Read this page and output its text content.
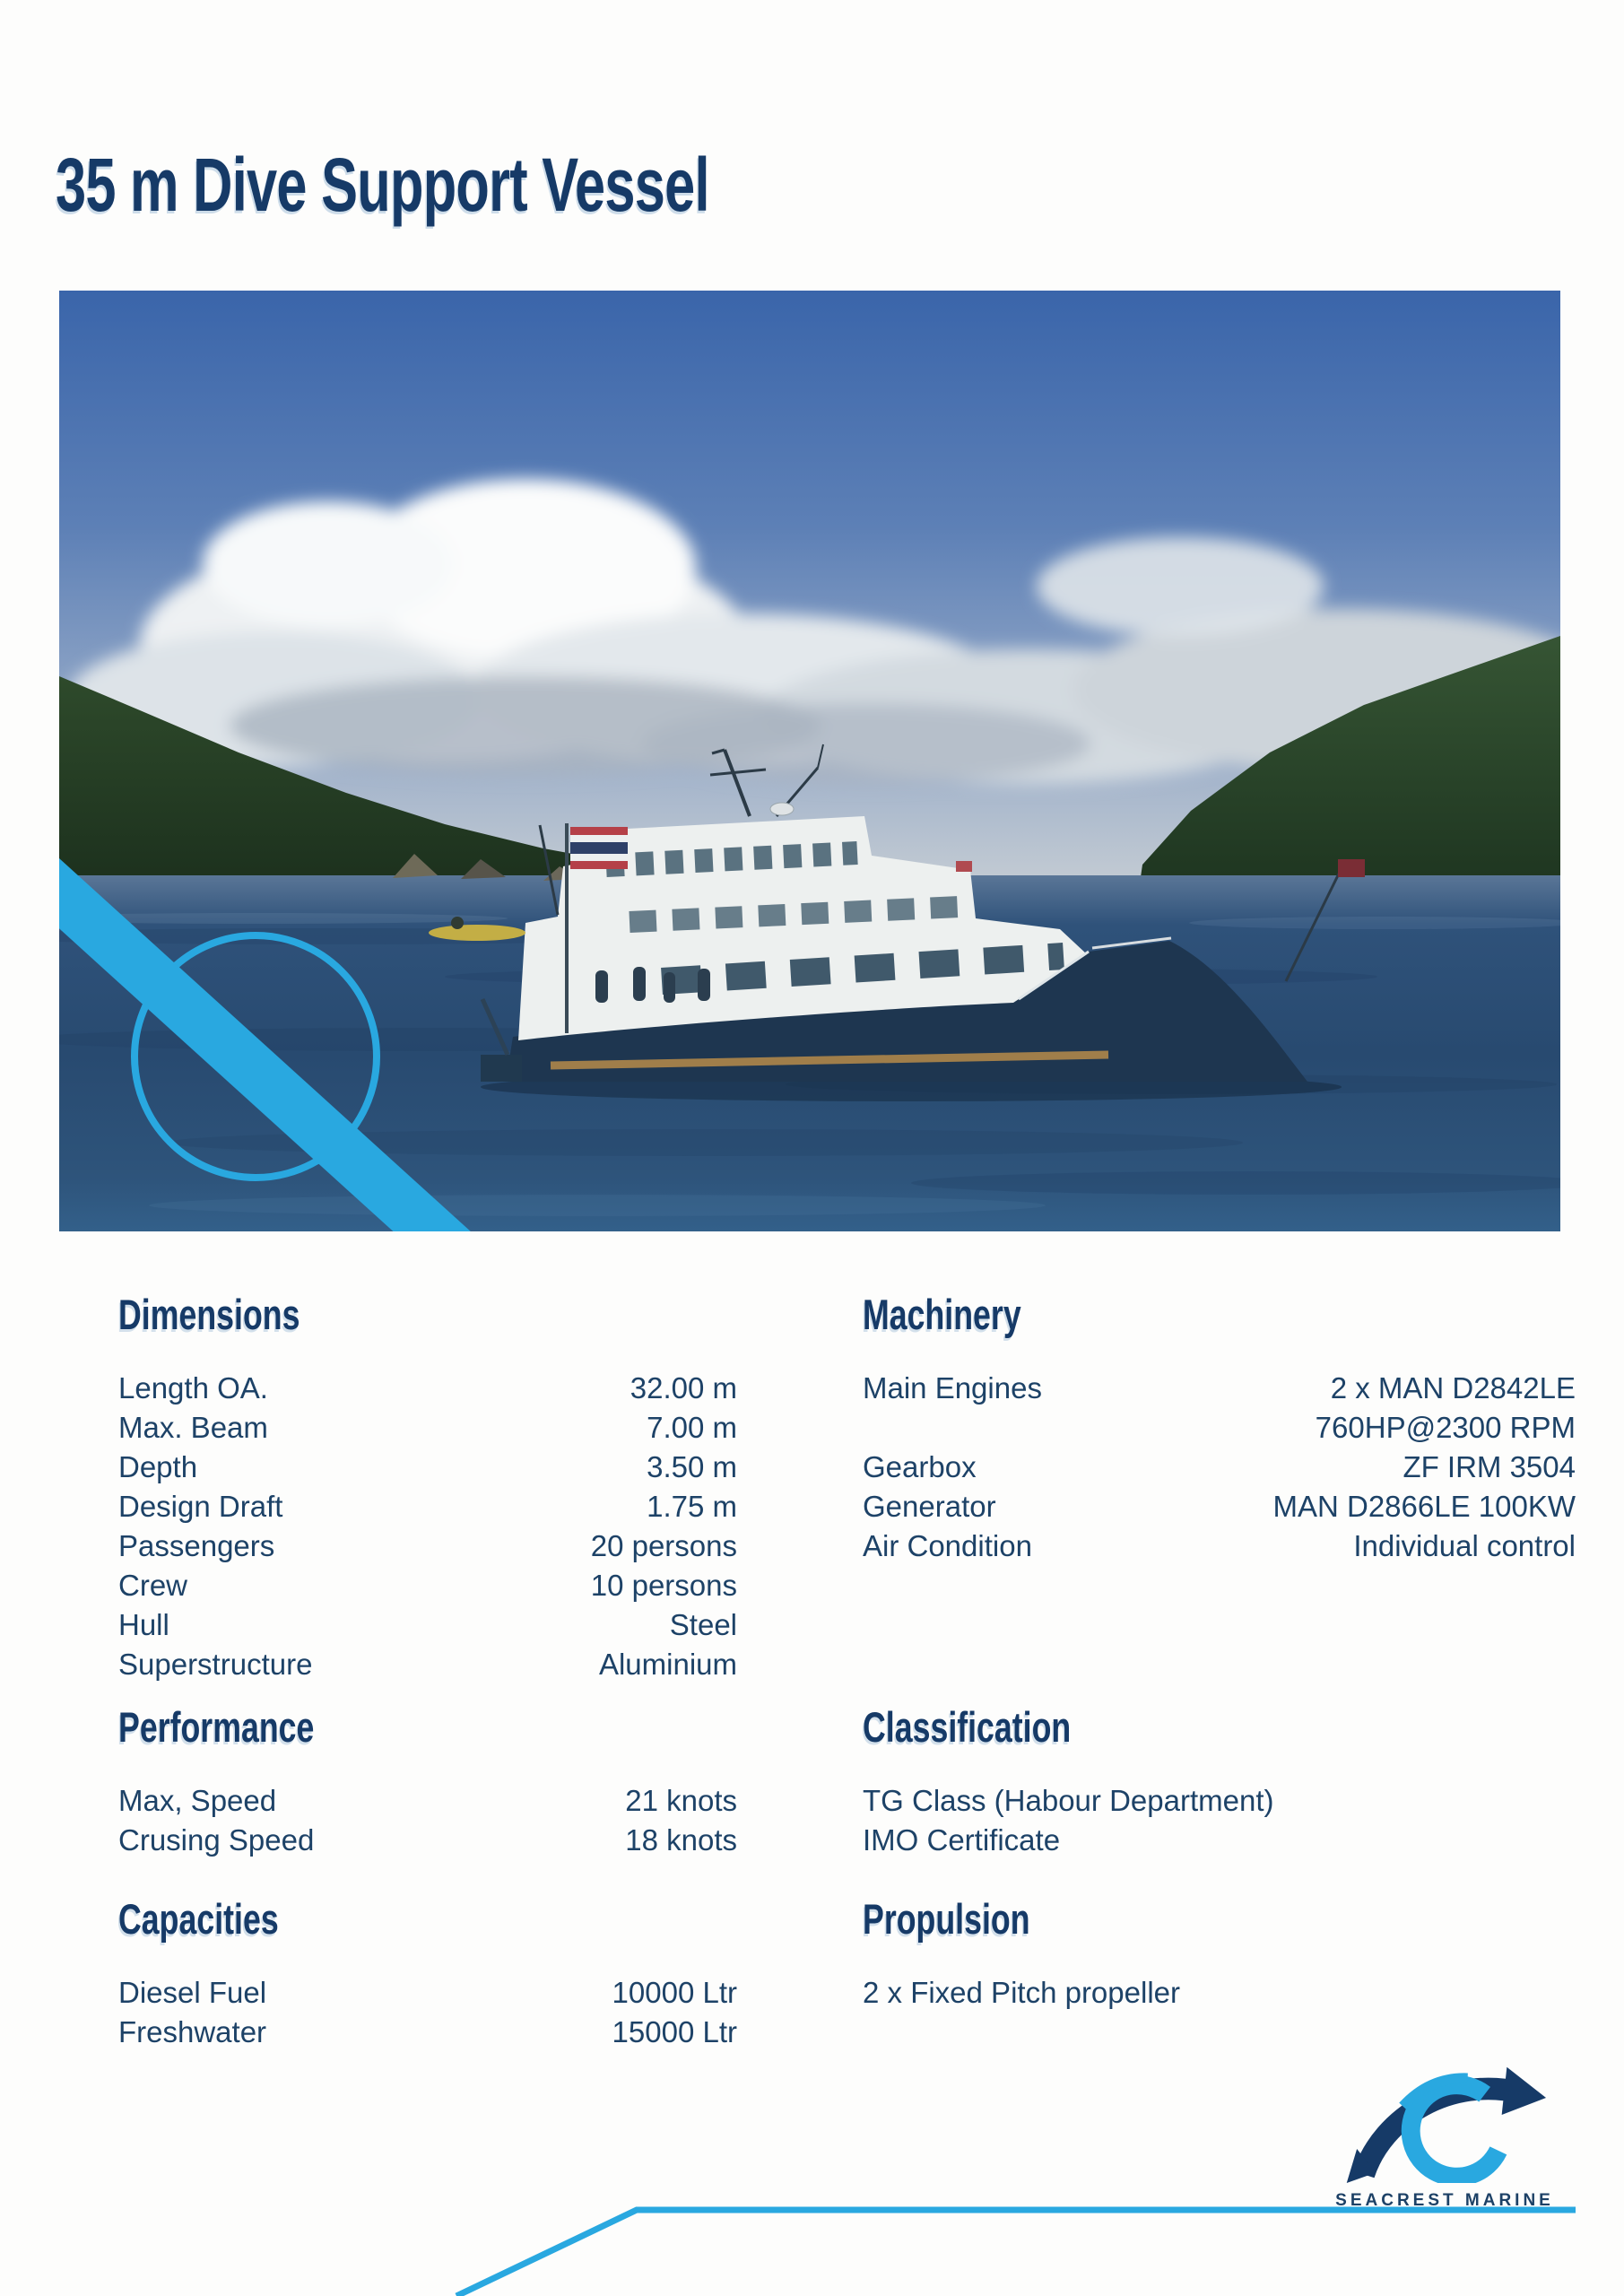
35 m Dive Support Vessel
Dimensions
Length OA.	32.00 m
Max. Beam	7.00 m
Depth	3.50 m
Design Draft	1.75 m
Passengers	20 persons
Crew	10 persons
Hull	Steel
Superstructure	Aluminium
Performance
Max, Speed	21 knots
Crusing Speed	18 knots
Capacities
Diesel Fuel	10000 Ltr
Freshwater	15000 Ltr
Machinery
Main Engines	2 x MAN D2842LE
760HP@2300 RPM
Gearbox	ZF IRM 3504
Generator	MAN D2866LE 100KW
Air Condition	Individual control
Classification
TG Class (Habour Department)
IMO Certificate
Propulsion
2 x Fixed Pitch propeller
SEACREST MARINE
